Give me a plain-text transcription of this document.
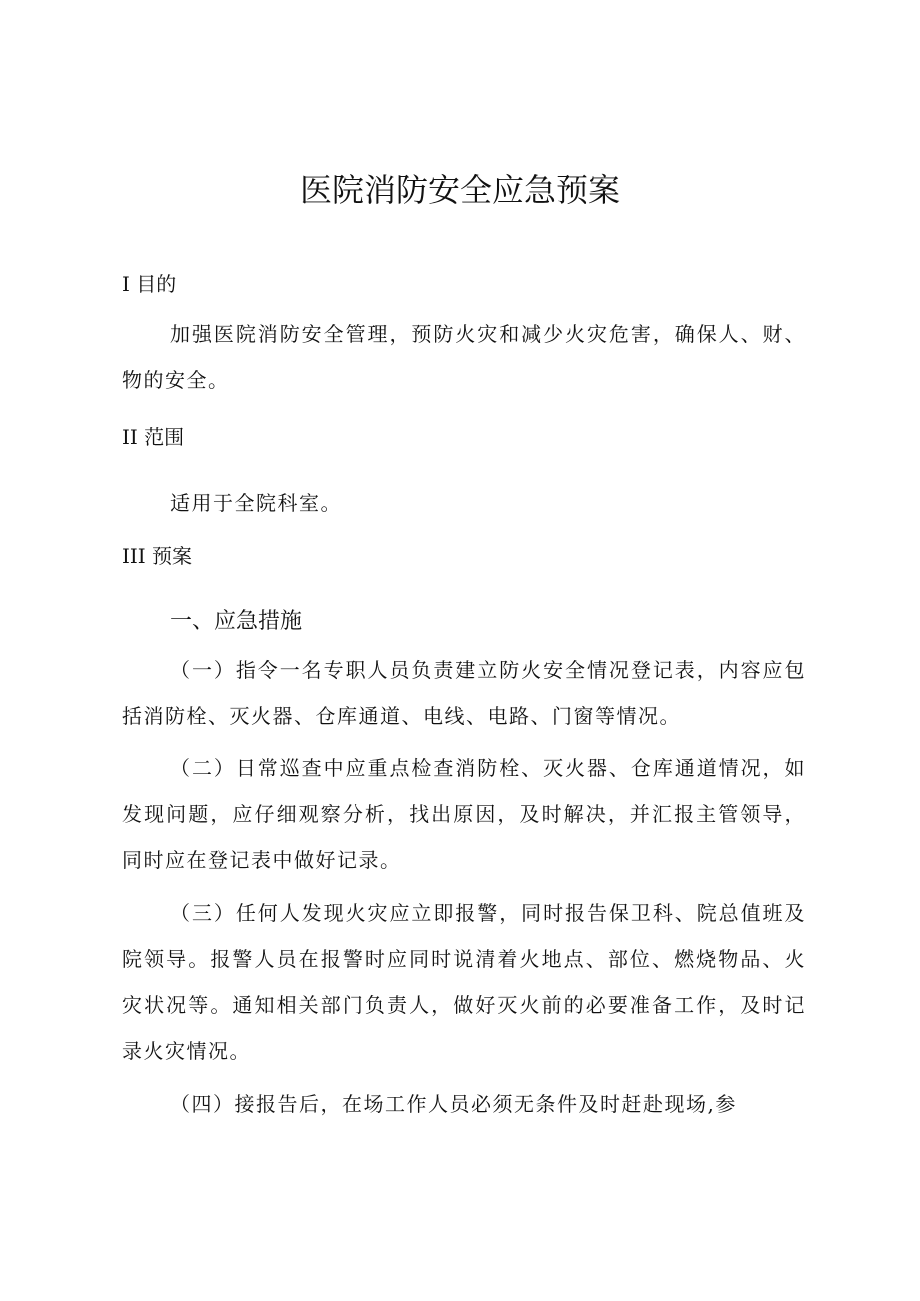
医院消防安全应急预案

I 目的

加强医院消防安全管理，预防火灾和减少火灾危害，确保人、财、物的安全。

II 范围

适用于全院科室。

III 预案

一、应急措施

（一）指令一名专职人员负责建立防火安全情况登记表，内容应包括消防栓、灭火器、仓库通道、电线、电路、门窗等情况。

（二）日常巡查中应重点检查消防栓、灭火器、仓库通道情况，如发现问题，应仔细观察分析，找出原因，及时解决，并汇报主管领导，同时应在登记表中做好记录。

（三）任何人发现火灾应立即报警，同时报告保卫科、院总值班及院领导。报警人员在报警时应同时说清着火地点、部位、燃烧物品、火灾状况等。通知相关部门负责人，做好灭火前的必要准备工作，及时记录火灾情况。

（四）接报告后，在场工作人员必须无条件及时赶赴现场,参
